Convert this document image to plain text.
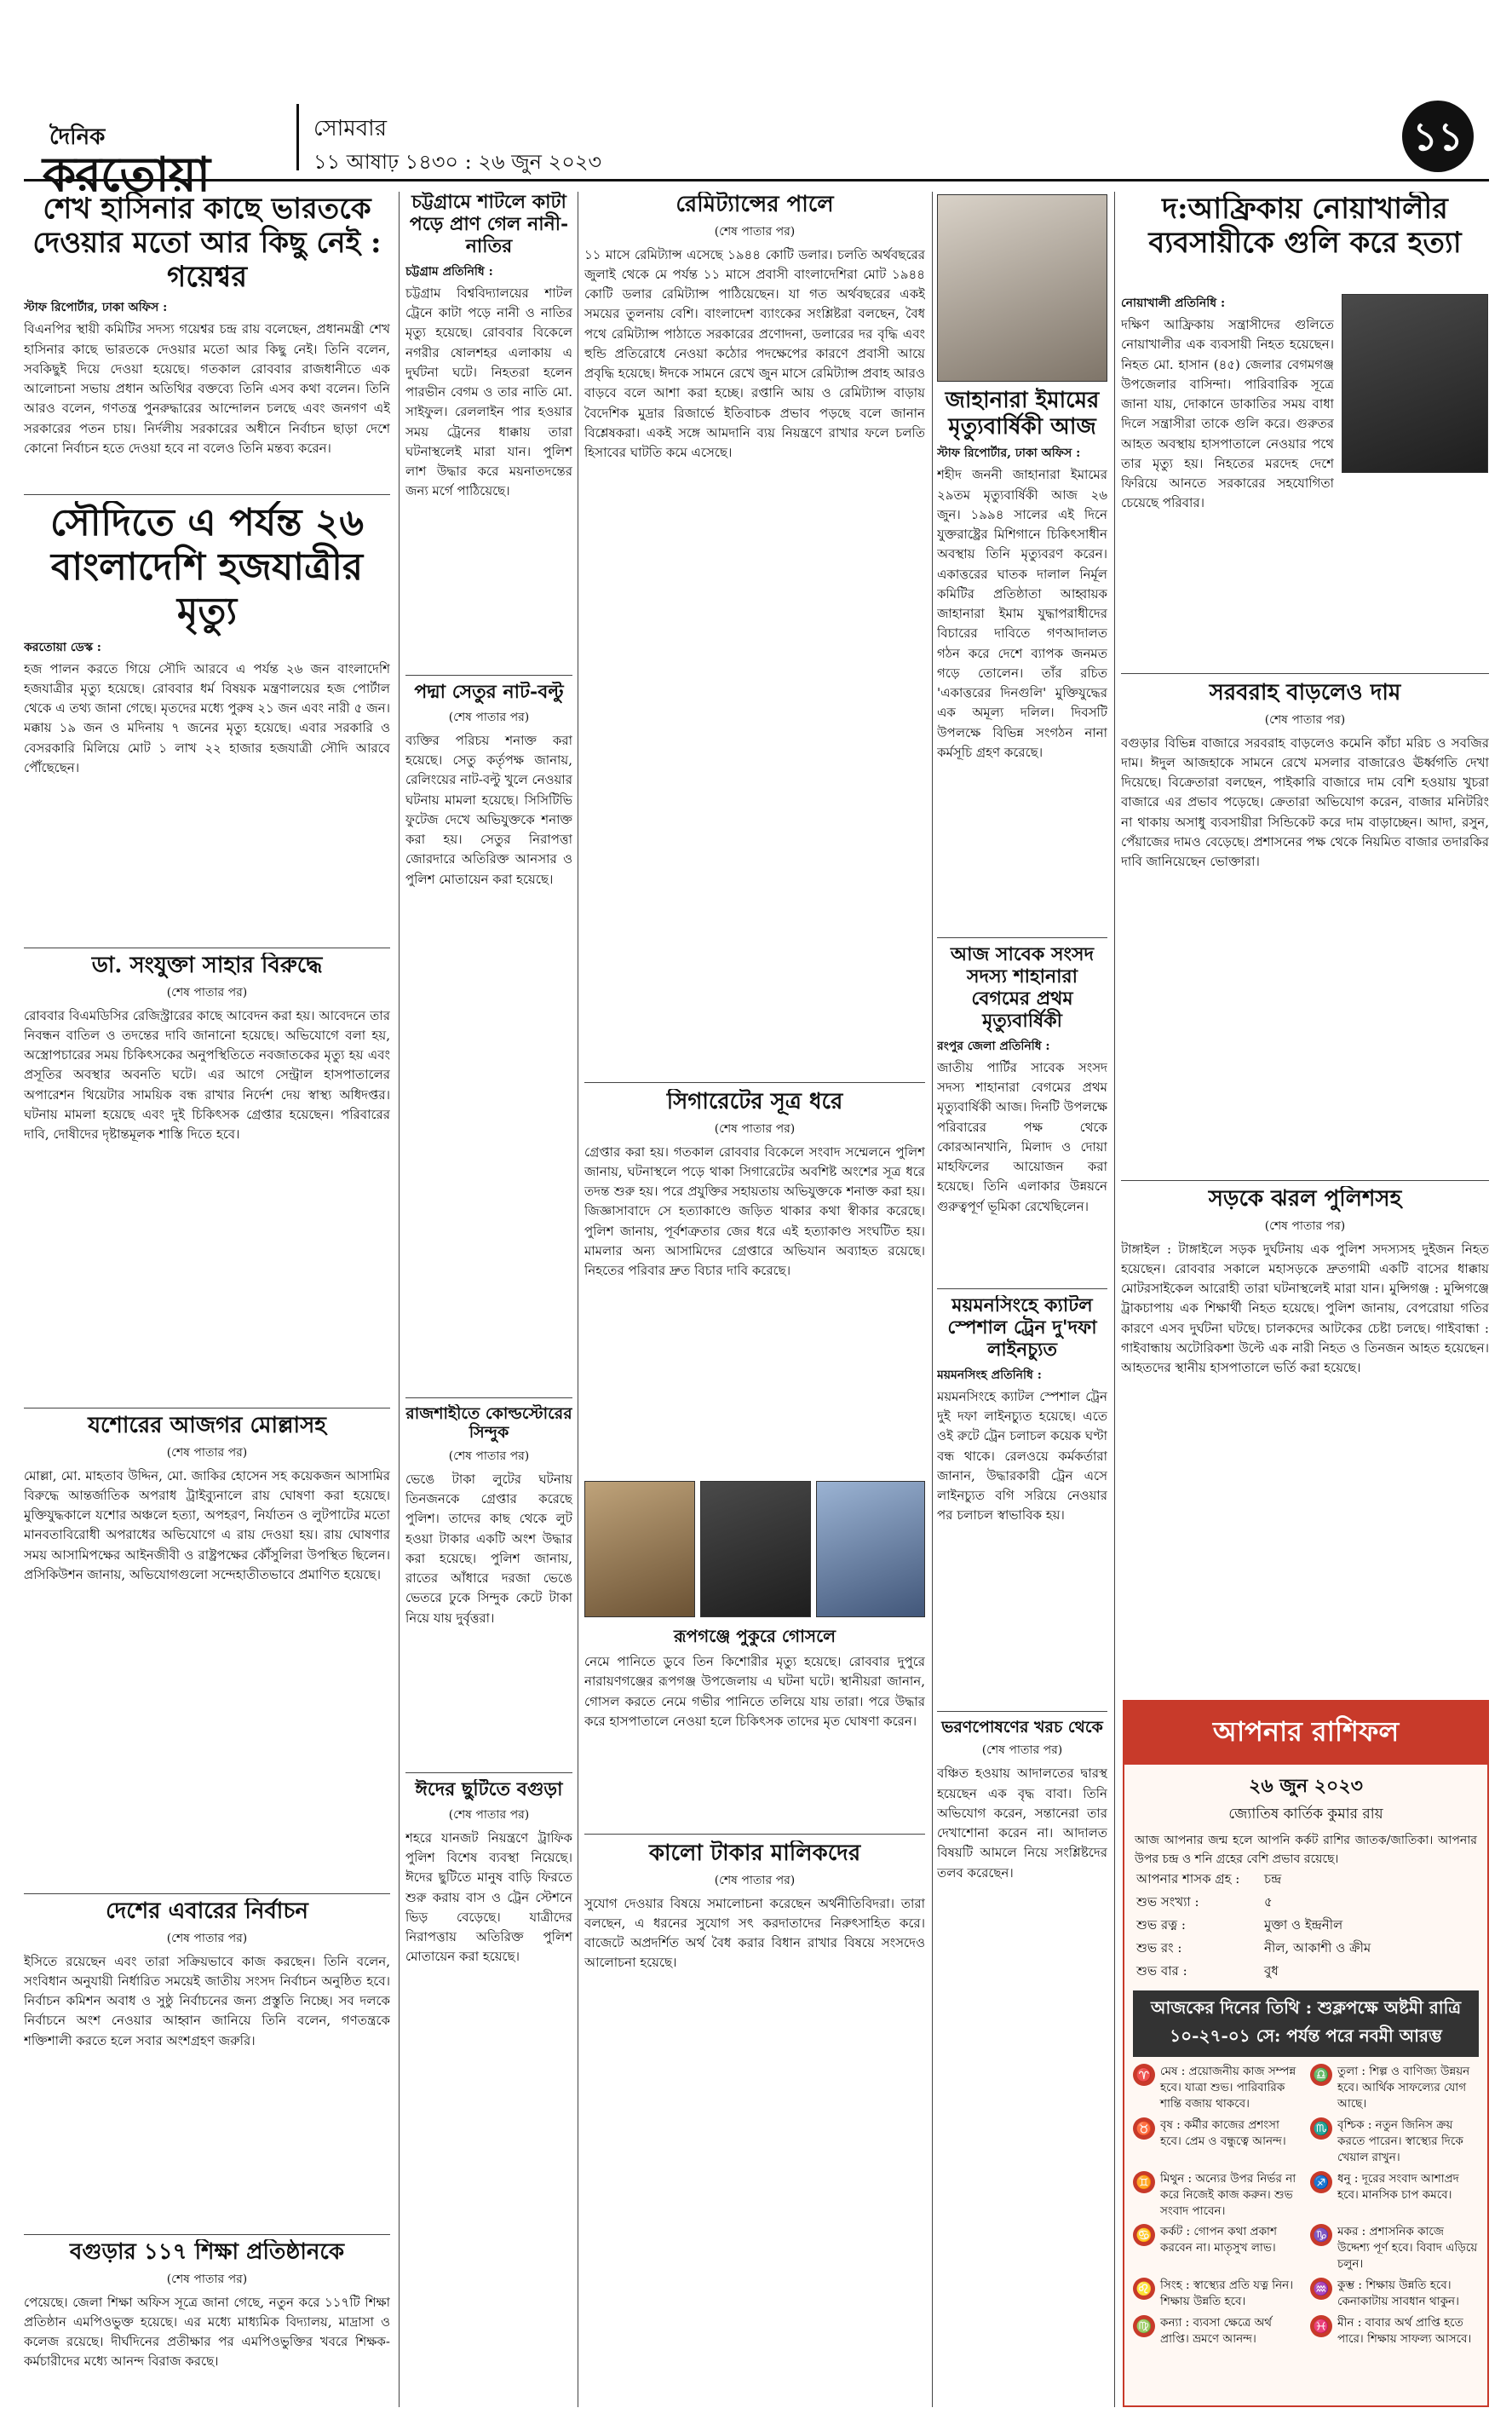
দৈনিক
করতোয়া
সোমবার
১১ আষাঢ় ১৪৩০ : ২৬ জুন ২০২৩
১১
শেখ হাসিনার কাছে ভারতকে দেওয়ার মতো আর কিছু নেই : গয়েশ্বর
স্টাফ রিপোর্টার, ঢাকা অফিস :
বিএনপির স্থায়ী কমিটির সদস্য গয়েশ্বর চন্দ্র রায় বলেছেন, প্রধানমন্ত্রী শেখ হাসিনার কাছে ভারতকে দেওয়ার মতো আর কিছু নেই। তিনি বলেন, সবকিছুই দিয়ে দেওয়া হয়েছে। গতকাল রোববার রাজধানীতে এক আলোচনা সভায় প্রধান অতিথির বক্তব্যে তিনি এসব কথা বলেন। তিনি আরও বলেন, গণতন্ত্র পুনরুদ্ধারের আন্দোলন চলছে এবং জনগণ এই সরকারের পতন চায়। নির্দলীয় সরকারের অধীনে নির্বাচন ছাড়া দেশে কোনো নির্বাচন হতে দেওয়া হবে না বলেও তিনি মন্তব্য করেন।
সৌদিতে এ পর্যন্ত ২৬ বাংলাদেশি হজযাত্রীর মৃত্যু
করতোয়া ডেস্ক :
হজ পালন করতে গিয়ে সৌদি আরবে এ পর্যন্ত ২৬ জন বাংলাদেশি হজযাত্রীর মৃত্যু হয়েছে। রোববার ধর্ম বিষয়ক মন্ত্রণালয়ের হজ পোর্টাল থেকে এ তথ্য জানা গেছে। মৃতদের মধ্যে পুরুষ ২১ জন এবং নারী ৫ জন। মক্কায় ১৯ জন ও মদিনায় ৭ জনের মৃত্যু হয়েছে। এবার সরকারি ও বেসরকারি মিলিয়ে মোট ১ লাখ ২২ হাজার হজযাত্রী সৌদি আরবে পৌঁছেছেন।
ডা. সংযুক্তা সাহার বিরুদ্ধে
(শেষ পাতার পর)
রোববার বিএমডিসির রেজিস্ট্রারের কাছে আবেদন করা হয়। আবেদনে তার নিবন্ধন বাতিল ও তদন্তের দাবি জানানো হয়েছে। অভিযোগে বলা হয়, অস্ত্রোপচারের সময় চিকিৎসকের অনুপস্থিতিতে নবজাতকের মৃত্যু হয় এবং প্রসূতির অবস্থার অবনতি ঘটে। এর আগে সেন্ট্রাল হাসপাতালের অপারেশন থিয়েটার সাময়িক বন্ধ রাখার নির্দেশ দেয় স্বাস্থ্য অধিদপ্তর। ঘটনায় মামলা হয়েছে এবং দুই চিকিৎসক গ্রেপ্তার হয়েছেন। পরিবারের দাবি, দোষীদের দৃষ্টান্তমূলক শাস্তি দিতে হবে।
যশোরের আজগর মোল্লাসহ
(শেষ পাতার পর)
মোল্লা, মো. মাহতাব উদ্দিন, মো. জাকির হোসেন সহ কয়েকজন আসামির বিরুদ্ধে আন্তর্জাতিক অপরাধ ট্রাইব্যুনালে রায় ঘোষণা করা হয়েছে। মুক্তিযুদ্ধকালে যশোর অঞ্চলে হত্যা, অপহরণ, নির্যাতন ও লুটপাটের মতো মানবতাবিরোধী অপরাধের অভিযোগে এ রায় দেওয়া হয়। রায় ঘোষণার সময় আসামিপক্ষের আইনজীবী ও রাষ্ট্রপক্ষের কৌঁসুলিরা উপস্থিত ছিলেন। প্রসিকিউশন জানায়, অভিযোগগুলো সন্দেহাতীতভাবে প্রমাণিত হয়েছে।
দেশের এবারের নির্বাচন
(শেষ পাতার পর)
ইসিতে রয়েছেন এবং তারা সক্রিয়ভাবে কাজ করছেন। তিনি বলেন, সংবিধান অনুযায়ী নির্ধারিত সময়েই জাতীয় সংসদ নির্বাচন অনুষ্ঠিত হবে। নির্বাচন কমিশন অবাধ ও সুষ্ঠু নির্বাচনের জন্য প্রস্তুতি নিচ্ছে। সব দলকে নির্বাচনে অংশ নেওয়ার আহ্বান জানিয়ে তিনি বলেন, গণতন্ত্রকে শক্তিশালী করতে হলে সবার অংশগ্রহণ জরুরি।
বগুড়ার ১১৭ শিক্ষা প্রতিষ্ঠানকে
(শেষ পাতার পর)
পেয়েছে। জেলা শিক্ষা অফিস সূত্রে জানা গেছে, নতুন করে ১১৭টি শিক্ষা প্রতিষ্ঠান এমপিওভুক্ত হয়েছে। এর মধ্যে মাধ্যমিক বিদ্যালয়, মাদ্রাসা ও কলেজ রয়েছে। দীর্ঘদিনের প্রতীক্ষার পর এমপিওভুক্তির খবরে শিক্ষক-কর্মচারীদের মধ্যে আনন্দ বিরাজ করছে।
চট্টগ্রামে শাটলে কাটা পড়ে প্রাণ গেল নানী-নাতির
চট্টগ্রাম প্রতিনিধি :
চট্টগ্রাম বিশ্ববিদ্যালয়ের শাটল ট্রেনে কাটা পড়ে নানী ও নাতির মৃত্যু হয়েছে। রোববার বিকেলে নগরীর ষোলশহর এলাকায় এ দুর্ঘটনা ঘটে। নিহতরা হলেন পারভীন বেগম ও তার নাতি মো. সাইফুল। রেললাইন পার হওয়ার সময় ট্রেনের ধাক্কায় তারা ঘটনাস্থলেই মারা যান। পুলিশ লাশ উদ্ধার করে ময়নাতদন্তের জন্য মর্গে পাঠিয়েছে।
পদ্মা সেতুর নাট-বল্টু
(শেষ পাতার পর)
ব্যক্তির পরিচয় শনাক্ত করা হয়েছে। সেতু কর্তৃপক্ষ জানায়, রেলিংয়ের নাট-বল্টু খুলে নেওয়ার ঘটনায় মামলা হয়েছে। সিসিটিভি ফুটেজ দেখে অভিযুক্তকে শনাক্ত করা হয়। সেতুর নিরাপত্তা জোরদারে অতিরিক্ত আনসার ও পুলিশ মোতায়েন করা হয়েছে।
রাজশাহীতে কোল্ডস্টোরের সিন্দুক
(শেষ পাতার পর)
ভেঙে টাকা লুটের ঘটনায় তিনজনকে গ্রেপ্তার করেছে পুলিশ। তাদের কাছ থেকে লুট হওয়া টাকার একটি অংশ উদ্ধার করা হয়েছে। পুলিশ জানায়, রাতের আঁধারে দরজা ভেঙে ভেতরে ঢুকে সিন্দুক কেটে টাকা নিয়ে যায় দুর্বৃত্তরা।
ঈদের ছুটিতে বগুড়া
(শেষ পাতার পর)
শহরে যানজট নিয়ন্ত্রণে ট্রাফিক পুলিশ বিশেষ ব্যবস্থা নিয়েছে। ঈদের ছুটিতে মানুষ বাড়ি ফিরতে শুরু করায় বাস ও ট্রেন স্টেশনে ভিড় বেড়েছে। যাত্রীদের নিরাপত্তায় অতিরিক্ত পুলিশ মোতায়েন করা হয়েছে।
রেমিট্যান্সের পালে
(শেষ পাতার পর)
১১ মাসে রেমিট্যান্স এসেছে ১৯৪৪ কোটি ডলার। চলতি অর্থবছরের জুলাই থেকে মে পর্যন্ত ১১ মাসে প্রবাসী বাংলাদেশিরা মোট ১৯৪৪ কোটি ডলার রেমিট্যান্স পাঠিয়েছেন। যা গত অর্থবছরের একই সময়ের তুলনায় বেশি। বাংলাদেশ ব্যাংকের সংশ্লিষ্টরা বলছেন, বৈধ পথে রেমিট্যান্স পাঠাতে সরকারের প্রণোদনা, ডলারের দর বৃদ্ধি এবং হুন্ডি প্রতিরোধে নেওয়া কঠোর পদক্ষেপের কারণে প্রবাসী আয়ে প্রবৃদ্ধি হয়েছে। ঈদকে সামনে রেখে জুন মাসে রেমিট্যান্স প্রবাহ আরও বাড়বে বলে আশা করা হচ্ছে। রপ্তানি আয় ও রেমিট্যান্স বাড়ায় বৈদেশিক মুদ্রার রিজার্ভে ইতিবাচক প্রভাব পড়ছে বলে জানান বিশ্লেষকরা। একই সঙ্গে আমদানি ব্যয় নিয়ন্ত্রণে রাখার ফলে চলতি হিসাবের ঘাটতি কমে এসেছে।
সিগারেটের সূত্র ধরে
(শেষ পাতার পর)
গ্রেপ্তার করা হয়। গতকাল রোববার বিকেলে সংবাদ সম্মেলনে পুলিশ জানায়, ঘটনাস্থলে পড়ে থাকা সিগারেটের অবশিষ্ট অংশের সূত্র ধরে তদন্ত শুরু হয়। পরে প্রযুক্তির সহায়তায় অভিযুক্তকে শনাক্ত করা হয়। জিজ্ঞাসাবাদে সে হত্যাকাণ্ডে জড়িত থাকার কথা স্বীকার করেছে। পুলিশ জানায়, পূর্বশত্রুতার জের ধরে এই হত্যাকাণ্ড সংঘটিত হয়। মামলার অন্য আসামিদের গ্রেপ্তারে অভিযান অব্যাহত রয়েছে। নিহতের পরিবার দ্রুত বিচার দাবি করেছে।
রূপগঞ্জে পুকুরে গোসলে
নেমে পানিতে ডুবে তিন কিশোরীর মৃত্যু হয়েছে। রোববার দুপুরে নারায়ণগঞ্জের রূপগঞ্জ উপজেলায় এ ঘটনা ঘটে। স্থানীয়রা জানান, গোসল করতে নেমে গভীর পানিতে তলিয়ে যায় তারা। পরে উদ্ধার করে হাসপাতালে নেওয়া হলে চিকিৎসক তাদের মৃত ঘোষণা করেন।
কালো টাকার মালিকদের
(শেষ পাতার পর)
সুযোগ দেওয়ার বিষয়ে সমালোচনা করেছেন অর্থনীতিবিদরা। তারা বলছেন, এ ধরনের সুযোগ সৎ করদাতাদের নিরুৎসাহিত করে। বাজেটে অপ্রদর্শিত অর্থ বৈধ করার বিধান রাখার বিষয়ে সংসদেও আলোচনা হয়েছে।
জাহানারা ইমামের মৃত্যুবার্ষিকী আজ
স্টাফ রিপোর্টার, ঢাকা অফিস :
শহীদ জননী জাহানারা ইমামের ২৯তম মৃত্যুবার্ষিকী আজ ২৬ জুন। ১৯৯৪ সালের এই দিনে যুক্তরাষ্ট্রের মিশিগানে চিকিৎসাধীন অবস্থায় তিনি মৃত্যুবরণ করেন। একাত্তরের ঘাতক দালাল নির্মূল কমিটির প্রতিষ্ঠাতা আহ্বায়ক জাহানারা ইমাম যুদ্ধাপরাধীদের বিচারের দাবিতে গণআদালত গঠন করে দেশে ব্যাপক জনমত গড়ে তোলেন। তাঁর রচিত 'একাত্তরের দিনগুলি' মুক্তিযুদ্ধের এক অমূল্য দলিল। দিবসটি উপলক্ষে বিভিন্ন সংগঠন নানা কর্মসূচি গ্রহণ করেছে।
আজ সাবেক সংসদ সদস্য শাহানারা বেগমের প্রথম মৃত্যুবার্ষিকী
রংপুর জেলা প্রতিনিধি :
জাতীয় পার্টির সাবেক সংসদ সদস্য শাহানারা বেগমের প্রথম মৃত্যুবার্ষিকী আজ। দিনটি উপলক্ষে পরিবারের পক্ষ থেকে কোরআনখানি, মিলাদ ও দোয়া মাহফিলের আয়োজন করা হয়েছে। তিনি এলাকার উন্নয়নে গুরুত্বপূর্ণ ভূমিকা রেখেছিলেন।
ময়মনসিংহে ক্যাটল স্পেশাল ট্রেন দু'দফা লাইনচ্যুত
ময়মনসিংহ প্রতিনিধি :
ময়মনসিংহে ক্যাটল স্পেশাল ট্রেন দুই দফা লাইনচ্যুত হয়েছে। এতে ওই রুটে ট্রেন চলাচল কয়েক ঘণ্টা বন্ধ থাকে। রেলওয়ে কর্মকর্তারা জানান, উদ্ধারকারী ট্রেন এসে লাইনচ্যুত বগি সরিয়ে নেওয়ার পর চলাচল স্বাভাবিক হয়।
ভরণপোষণের খরচ থেকে
(শেষ পাতার পর)
বঞ্চিত হওয়ায় আদালতের দ্বারস্থ হয়েছেন এক বৃদ্ধ বাবা। তিনি অভিযোগ করেন, সন্তানেরা তার দেখাশোনা করেন না। আদালত বিষয়টি আমলে নিয়ে সংশ্লিষ্টদের তলব করেছেন।
দ:আফ্রিকায় নোয়াখালীর ব্যবসায়ীকে গুলি করে হত্যা
নোয়াখালী প্রতিনিধি :
দক্ষিণ আফ্রিকায় সন্ত্রাসীদের গুলিতে নোয়াখালীর এক ব্যবসায়ী নিহত হয়েছেন। নিহত মো. হাসান (৪৫) জেলার বেগমগঞ্জ উপজেলার বাসিন্দা। পারিবারিক সূত্রে জানা যায়, দোকানে ডাকাতির সময় বাধা দিলে সন্ত্রাসীরা তাকে গুলি করে। গুরুতর আহত অবস্থায় হাসপাতালে নেওয়ার পথে তার মৃত্যু হয়। নিহতের মরদেহ দেশে ফিরিয়ে আনতে সরকারের সহযোগিতা চেয়েছে পরিবার।
সরবরাহ বাড়লেও দাম
(শেষ পাতার পর)
বগুড়ার বিভিন্ন বাজারে সরবরাহ বাড়লেও কমেনি কাঁচা মরিচ ও সবজির দাম। ঈদুল আজহাকে সামনে রেখে মসলার বাজারেও ঊর্ধ্বগতি দেখা দিয়েছে। বিক্রেতারা বলছেন, পাইকারি বাজারে দাম বেশি হওয়ায় খুচরা বাজারে এর প্রভাব পড়েছে। ক্রেতারা অভিযোগ করেন, বাজার মনিটরিং না থাকায় অসাধু ব্যবসায়ীরা সিন্ডিকেট করে দাম বাড়াচ্ছেন। আদা, রসুন, পেঁয়াজের দামও বেড়েছে। প্রশাসনের পক্ষ থেকে নিয়মিত বাজার তদারকির দাবি জানিয়েছেন ভোক্তারা।
সড়কে ঝরল পুলিশসহ
(শেষ পাতার পর)
টাঙ্গাইল : টাঙ্গাইলে সড়ক দুর্ঘটনায় এক পুলিশ সদস্যসহ দুইজন নিহত হয়েছেন। রোববার সকালে মহাসড়কে দ্রুতগামী একটি বাসের ধাক্কায় মোটরসাইকেল আরোহী তারা ঘটনাস্থলেই মারা যান। মুন্সিগঞ্জ : মুন্সিগঞ্জে ট্রাকচাপায় এক শিক্ষার্থী নিহত হয়েছে। পুলিশ জানায়, বেপরোয়া গতির কারণে এসব দুর্ঘটনা ঘটছে। চালকদের আটকের চেষ্টা চলছে। গাইবান্ধা : গাইবান্ধায় অটোরিকশা উল্টে এক নারী নিহত ও তিনজন আহত হয়েছেন। আহতদের স্থানীয় হাসপাতালে ভর্তি করা হয়েছে।
আপনার রাশিফল
২৬ জুন ২০২৩
জ্যোতিষ কার্তিক কুমার রায়
আজ আপনার জন্ম হলে আপনি কর্কট রাশির জাতক/জাতিকা। আপনার উপর চন্দ্র ও শনি গ্রহের বেশি প্রভাব রয়েছে।
আপনার শাসক গ্রহ :	চন্দ্র
শুভ সংখ্যা :	৫
শুভ রত্ন :	মুক্তা ও ইন্দ্রনীল
শুভ রং :	নীল, আকাশী ও ক্রীম
শুভ বার :	বুধ
আজকের দিনের তিথি : শুক্লপক্ষে অষ্টমী রাত্রি ১০-২৭-০১ সে: পর্যন্ত পরে নবমী আরম্ভ
♈ মেষ : প্রয়োজনীয় কাজ সম্পন্ন হবে। যাত্রা শুভ। পারিবারিক শান্তি বজায় থাকবে।
♎ তুলা : শিল্প ও বাণিজ্য উন্নয়ন হবে। আর্থিক সাফল্যের যোগ আছে।
♉ বৃষ : কর্মীর কাজের প্রশংসা হবে। প্রেম ও বন্ধুত্বে আনন্দ।
♏ বৃশ্চিক : নতুন জিনিস ক্রয় করতে পারেন। স্বাস্থ্যের দিকে খেয়াল রাখুন।
♊ মিথুন : অন্যের উপর নির্ভর না করে নিজেই কাজ করুন। শুভ সংবাদ পাবেন।
♐ ধনু : দূরের সংবাদ আশাপ্রদ হবে। মানসিক চাপ কমবে।
♋ কর্কট : গোপন কথা প্রকাশ করবেন না। মাতৃসুখ লাভ।
♑ মকর : প্রশাসনিক কাজে উদ্দেশ্য পূর্ণ হবে। বিবাদ এড়িয়ে চলুন।
♌ সিংহ : স্বাস্থ্যের প্রতি যত্ন নিন। শিক্ষায় উন্নতি হবে।
♒ কুম্ভ : শিক্ষায় উন্নতি হবে। কেনাকাটায় সাবধান থাকুন।
♍ কন্যা : ব্যবসা ক্ষেত্রে অর্থ প্রাপ্তি। ভ্রমণে আনন্দ।
♓ মীন : বাবার অর্থ প্রাপ্তি হতে পারে। শিক্ষায় সাফল্য আসবে।
